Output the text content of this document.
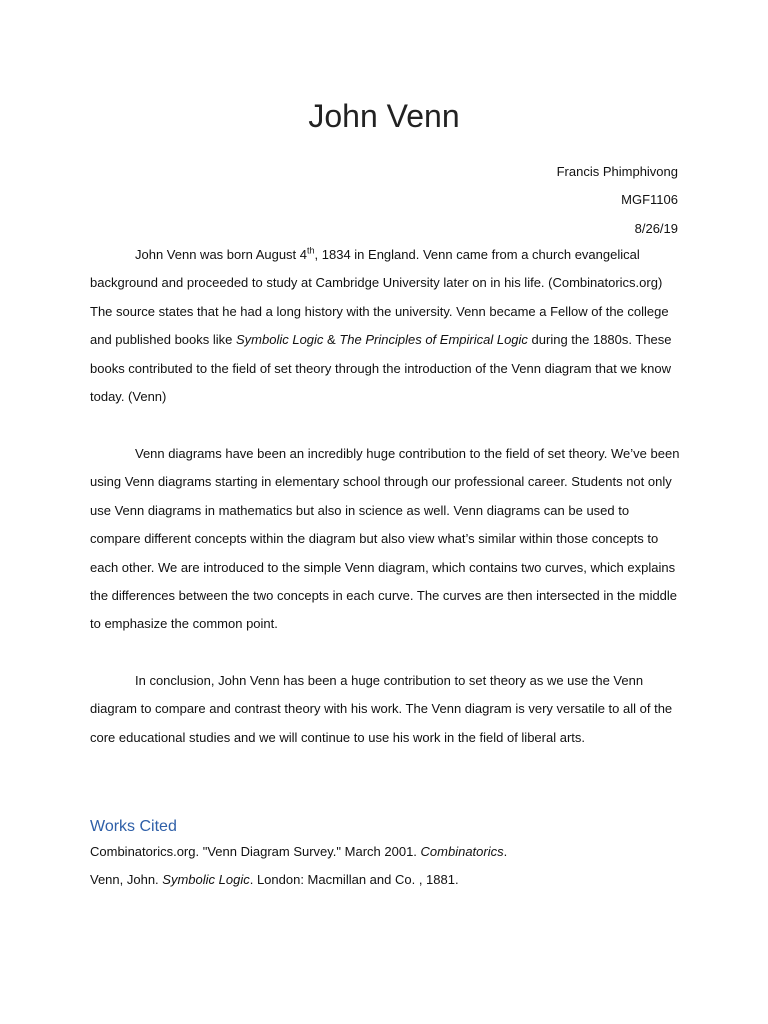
John Venn
Francis Phimphivong
MGF1106
8/26/19

John Venn was born August 4th, 1834 in England. Venn came from a church evangelical background and proceeded to study at Cambridge University later on in his life. (Combinatorics.org) The source states that he had a long history with the university. Venn became a Fellow of the college and published books like Symbolic Logic & The Principles of Empirical Logic during the 1880s. These books contributed to the field of set theory through the introduction of the Venn diagram that we know today. (Venn)

Venn diagrams have been an incredibly huge contribution to the field of set theory. We’ve been using Venn diagrams starting in elementary school through our professional career. Students not only use Venn diagrams in mathematics but also in science as well. Venn diagrams can be used to compare different concepts within the diagram but also view what’s similar within those concepts to each other. We are introduced to the simple Venn diagram, which contains two curves, which explains the differences between the two concepts in each curve. The curves are then intersected in the middle to emphasize the common point.

In conclusion, John Venn has been a huge contribution to set theory as we use the Venn diagram to compare and contrast theory with his work. The Venn diagram is very versatile to all of the core educational studies and we will continue to use his work in the field of liberal arts.

Works Cited
Combinatorics.org. "Venn Diagram Survey." March 2001. Combinatorics.
Venn, John. Symbolic Logic. London: Macmillan and Co. , 1881.
